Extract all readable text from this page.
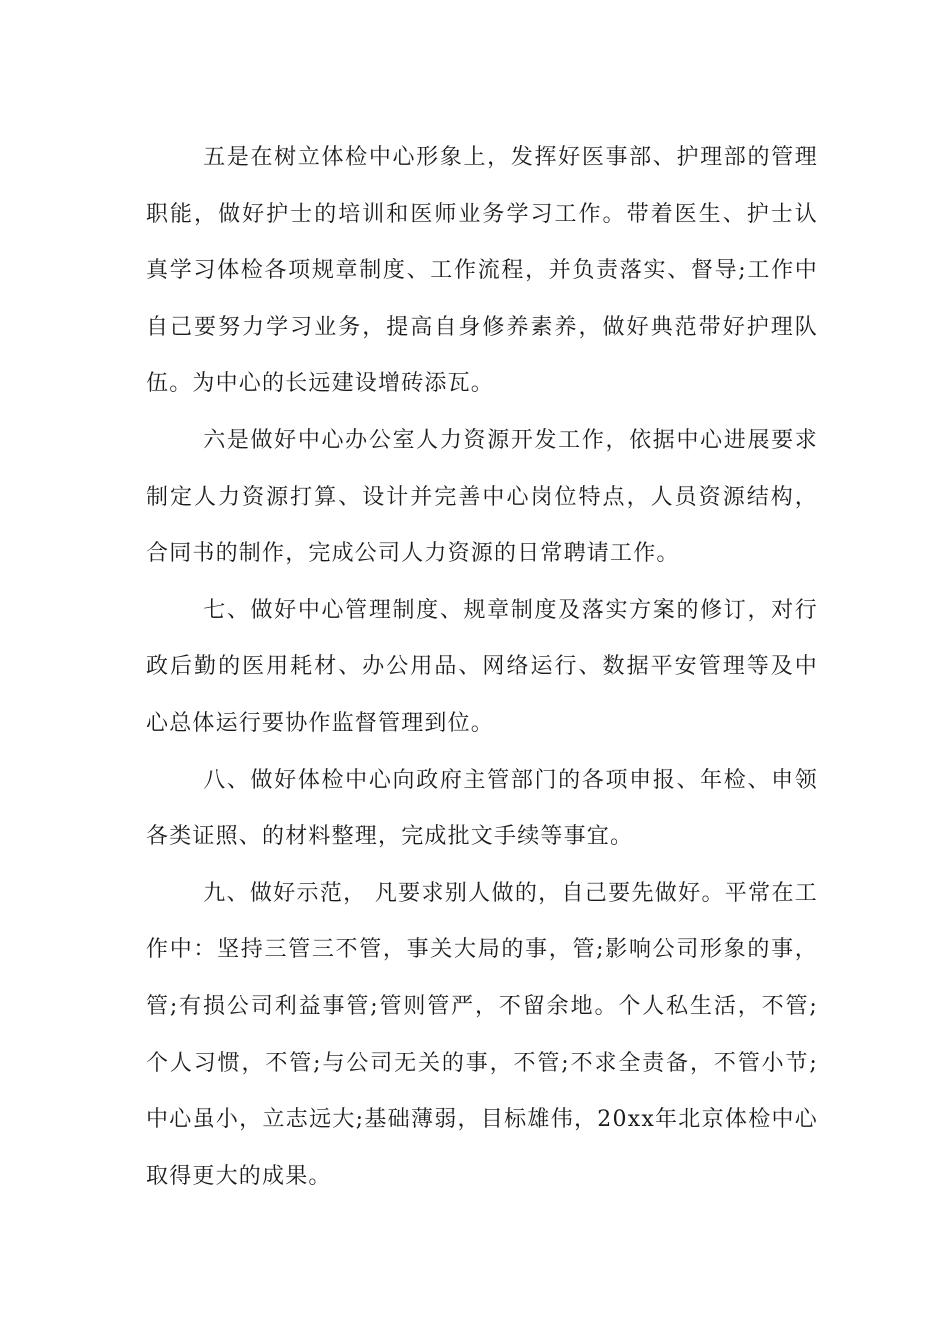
五是在树立体检中心形象上，发挥好医事部、护理部的管理职能，做好护士的培训和医师业务学习工作。带着医生、护士认真学习体检各项规章制度、工作流程，并负责落实、督导;工作中自己要努力学习业务，提高自身修养素养，做好典范带好护理队伍。为中心的长远建设增砖添瓦。

六是做好中心办公室人力资源开发工作，依据中心进展要求制定人力资源打算、设计并完善中心岗位特点，人员资源结构，合同书的制作，完成公司人力资源的日常聘请工作。

七、做好中心管理制度、规章制度及落实方案的修订，对行政后勤的医用耗材、办公用品、网络运行、数据平安管理等及中心总体运行要协作监督管理到位。

八、做好体检中心向政府主管部门的各项申报、年检、申领各类证照、的材料整理，完成批文手续等事宜。

九、做好示范， 凡要求别人做的，自己要先做好。平常在工作中：坚持三管三不管，事关大局的事，管;影响公司形象的事，管;有损公司利益事管;管则管严，不留余地。个人私生活，不管;个人习惯，不管;与公司无关的事，不管;不求全责备，不管小节;中心虽小，立志远大;基础薄弱，目标雄伟，20xx年北京体检中心取得更大的成果。
